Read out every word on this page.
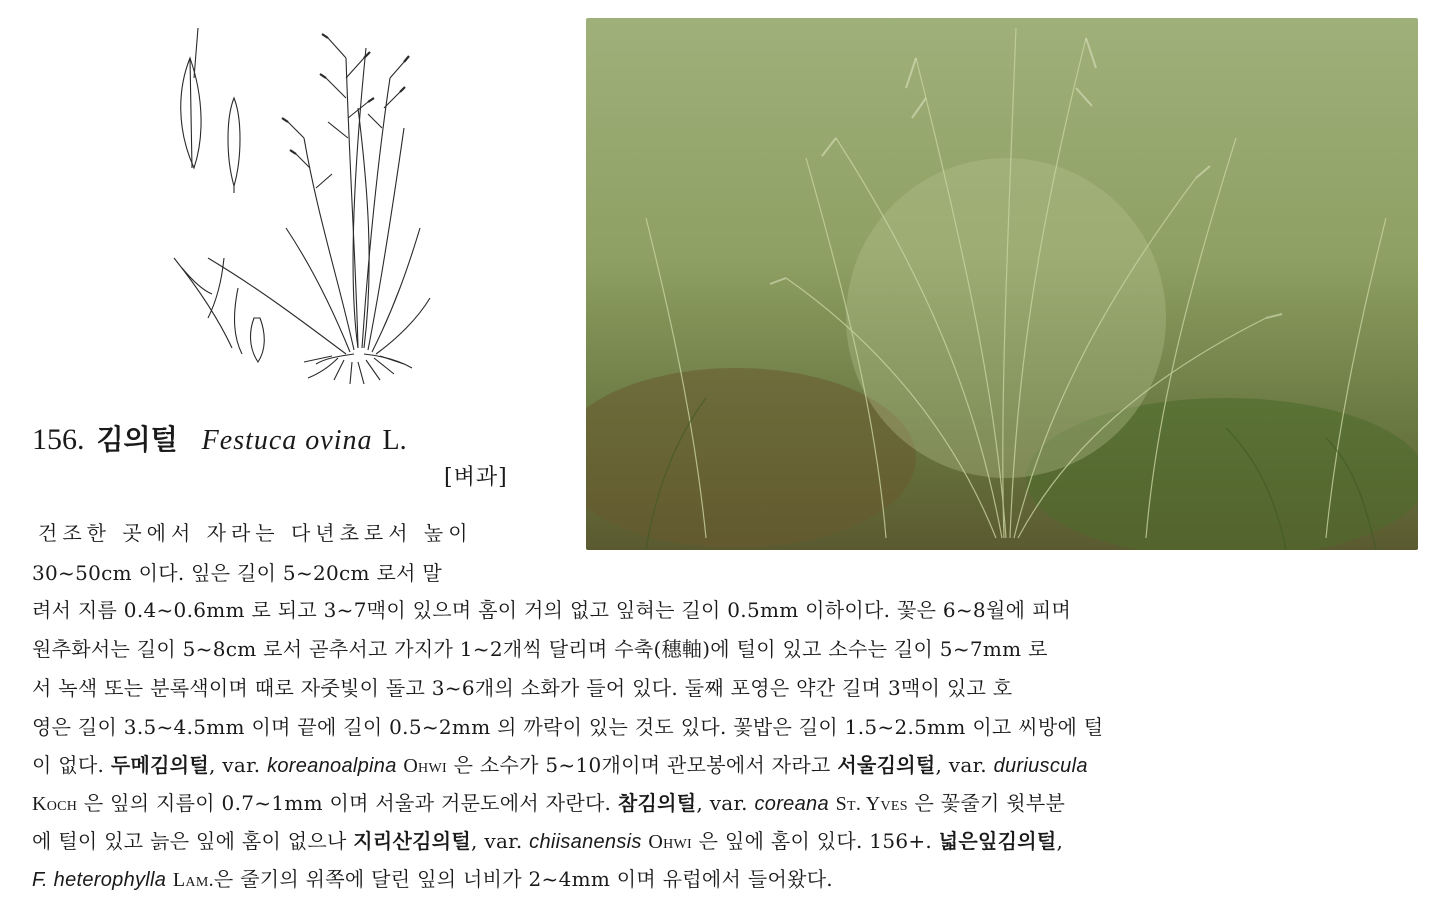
156. 김의털 Festuca ovina L.
[벼과]
건조한 곳에서 자라는 다년초로서 높이
30~50cm 이다. 잎은 길이 5~20cm 로서 말
려서 지름 0.4~0.6mm 로 되고 3~7맥이 있으며 홈이 거의 없고 잎혀는 길이 0.5mm 이하이다. 꽃은 6~8월에 피며
원추화서는 길이 5~8cm 로서 곧추서고 가지가 1~2개씩 달리며 수축(穗軸)에 털이 있고 소수는 길이 5~7mm 로
서 녹색 또는 분록색이며 때로 자줏빛이 돌고 3~6개의 소화가 들어 있다. 둘째 포영은 약간 길며 3맥이 있고 호
영은 길이 3.5~4.5mm 이며 끝에 길이 0.5~2mm 의 까락이 있는 것도 있다. 꽃밥은 길이 1.5~2.5mm 이고 씨방에 털
이 없다. 두메김의털, var. koreanoalpina Ohwi 은 소수가 5~10개이며 관모봉에서 자라고 서울김의털, var. duriuscula
Koch 은 잎의 지름이 0.7~1mm 이며 서울과 거문도에서 자란다. 참김의털, var. coreana St. Yves 은 꽃줄기 윗부분
에 털이 있고 늙은 잎에 홈이 없으나 지리산김의털, var. chiisanensis Ohwi 은 잎에 홈이 있다. 156+. 넓은잎김의털,
F. heterophylla Lam.은 줄기의 위쪽에 달린 잎의 너비가 2~4mm 이며 유럽에서 들어왔다.
